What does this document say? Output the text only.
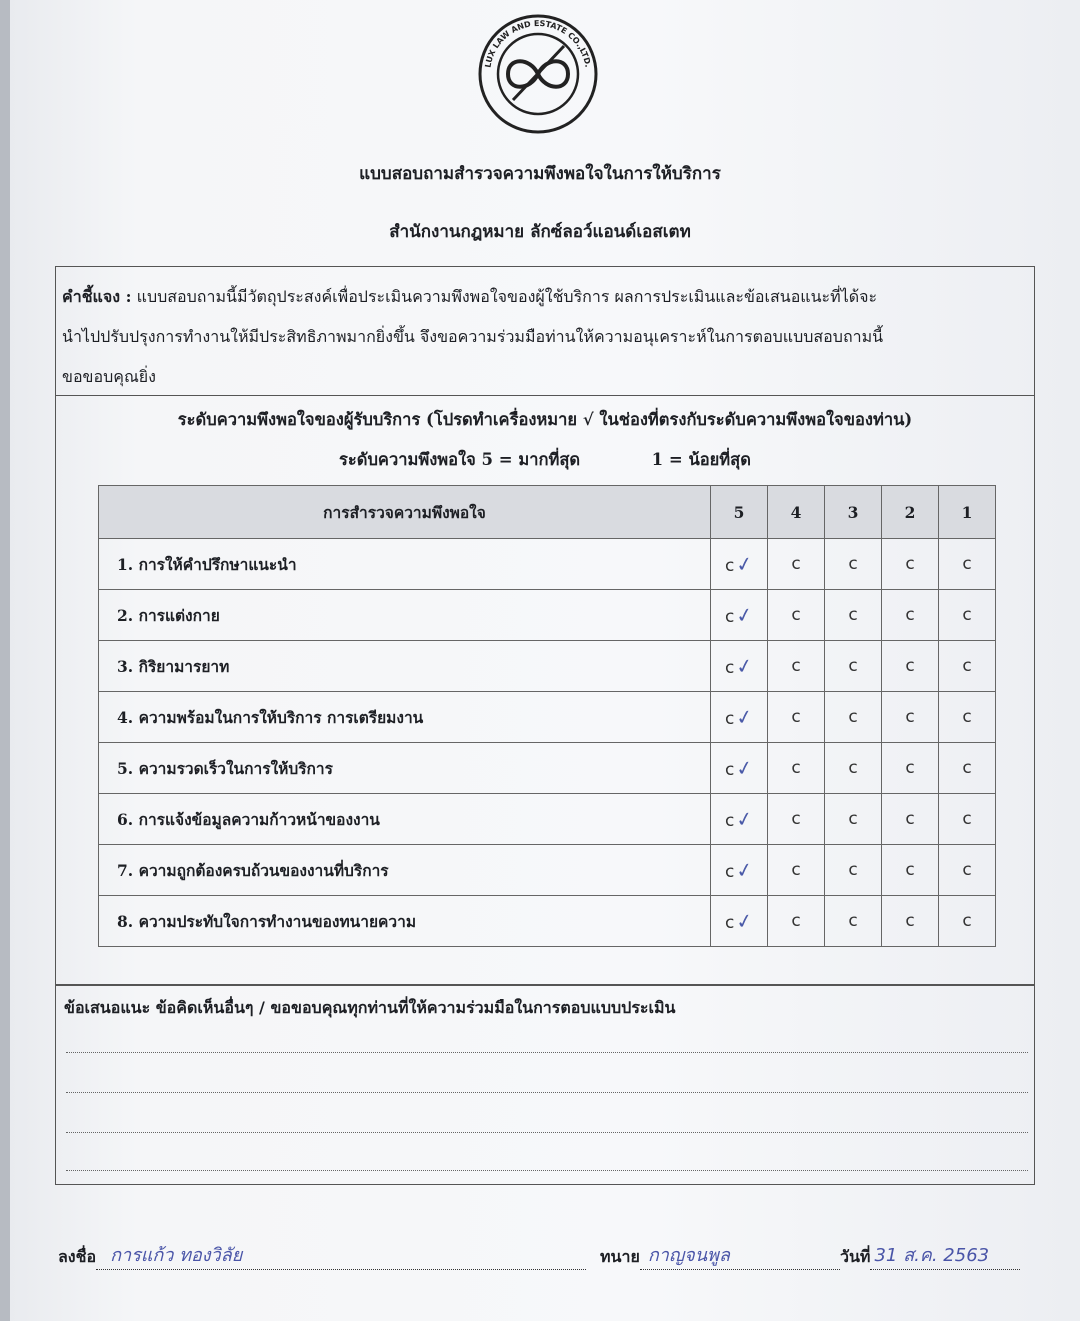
LUX LAW AND ESTATE CO.,LTD.
แบบสอบถามสำรวจความพึงพอใจในการให้บริการ
สำนักงานกฎหมาย ลักซ์ลอว์แอนด์เอสเตท
คำชี้แจง : แบบสอบถามนี้มีวัตถุประสงค์เพื่อประเมินความพึงพอใจของผู้ใช้บริการ ผลการประเมินและข้อเสนอแนะที่ได้จะ
นำไปปรับปรุงการทำงานให้มีประสิทธิภาพมากยิ่งขึ้น จึงขอความร่วมมือท่านให้ความอนุเคราะห์ในการตอบแบบสอบถามนี้
ขอขอบคุณยิ่ง
ระดับความพึงพอใจของผู้รับบริการ (โปรดทำเครื่องหมาย √ ในช่องที่ตรงกับระดับความพึงพอใจของท่าน)
ระดับความพึงพอใจ 5 = มากที่สุด	1 = น้อยที่สุด
การสำรวจความพึงพอใจ	5	4	3	2	1
1. การให้คำปรึกษาแนะนำ	c✓	c	c	c	c
2. การแต่งกาย	c✓	c	c	c	c
3. กิริยามารยาท	c✓	c	c	c	c
4. ความพร้อมในการให้บริการ การเตรียมงาน	c✓	c	c	c	c
5. ความรวดเร็วในการให้บริการ	c✓	c	c	c	c
6. การแจ้งข้อมูลความก้าวหน้าของงาน	c✓	c	c	c	c
7. ความถูกต้องครบถ้วนของงานที่บริการ	c✓	c	c	c	c
8. ความประทับใจการทำงานของทนายความ	c✓	c	c	c	c
ข้อเสนอแนะ ข้อคิดเห็นอื่นๆ / ขอขอบคุณทุกท่านที่ให้ความร่วมมือในการตอบแบบประเมิน
ลงชื่อ การแก้ว ทองวิลัย	ทนาย กาญจนพูล	วันที่ 31 ส.ค. 2563
